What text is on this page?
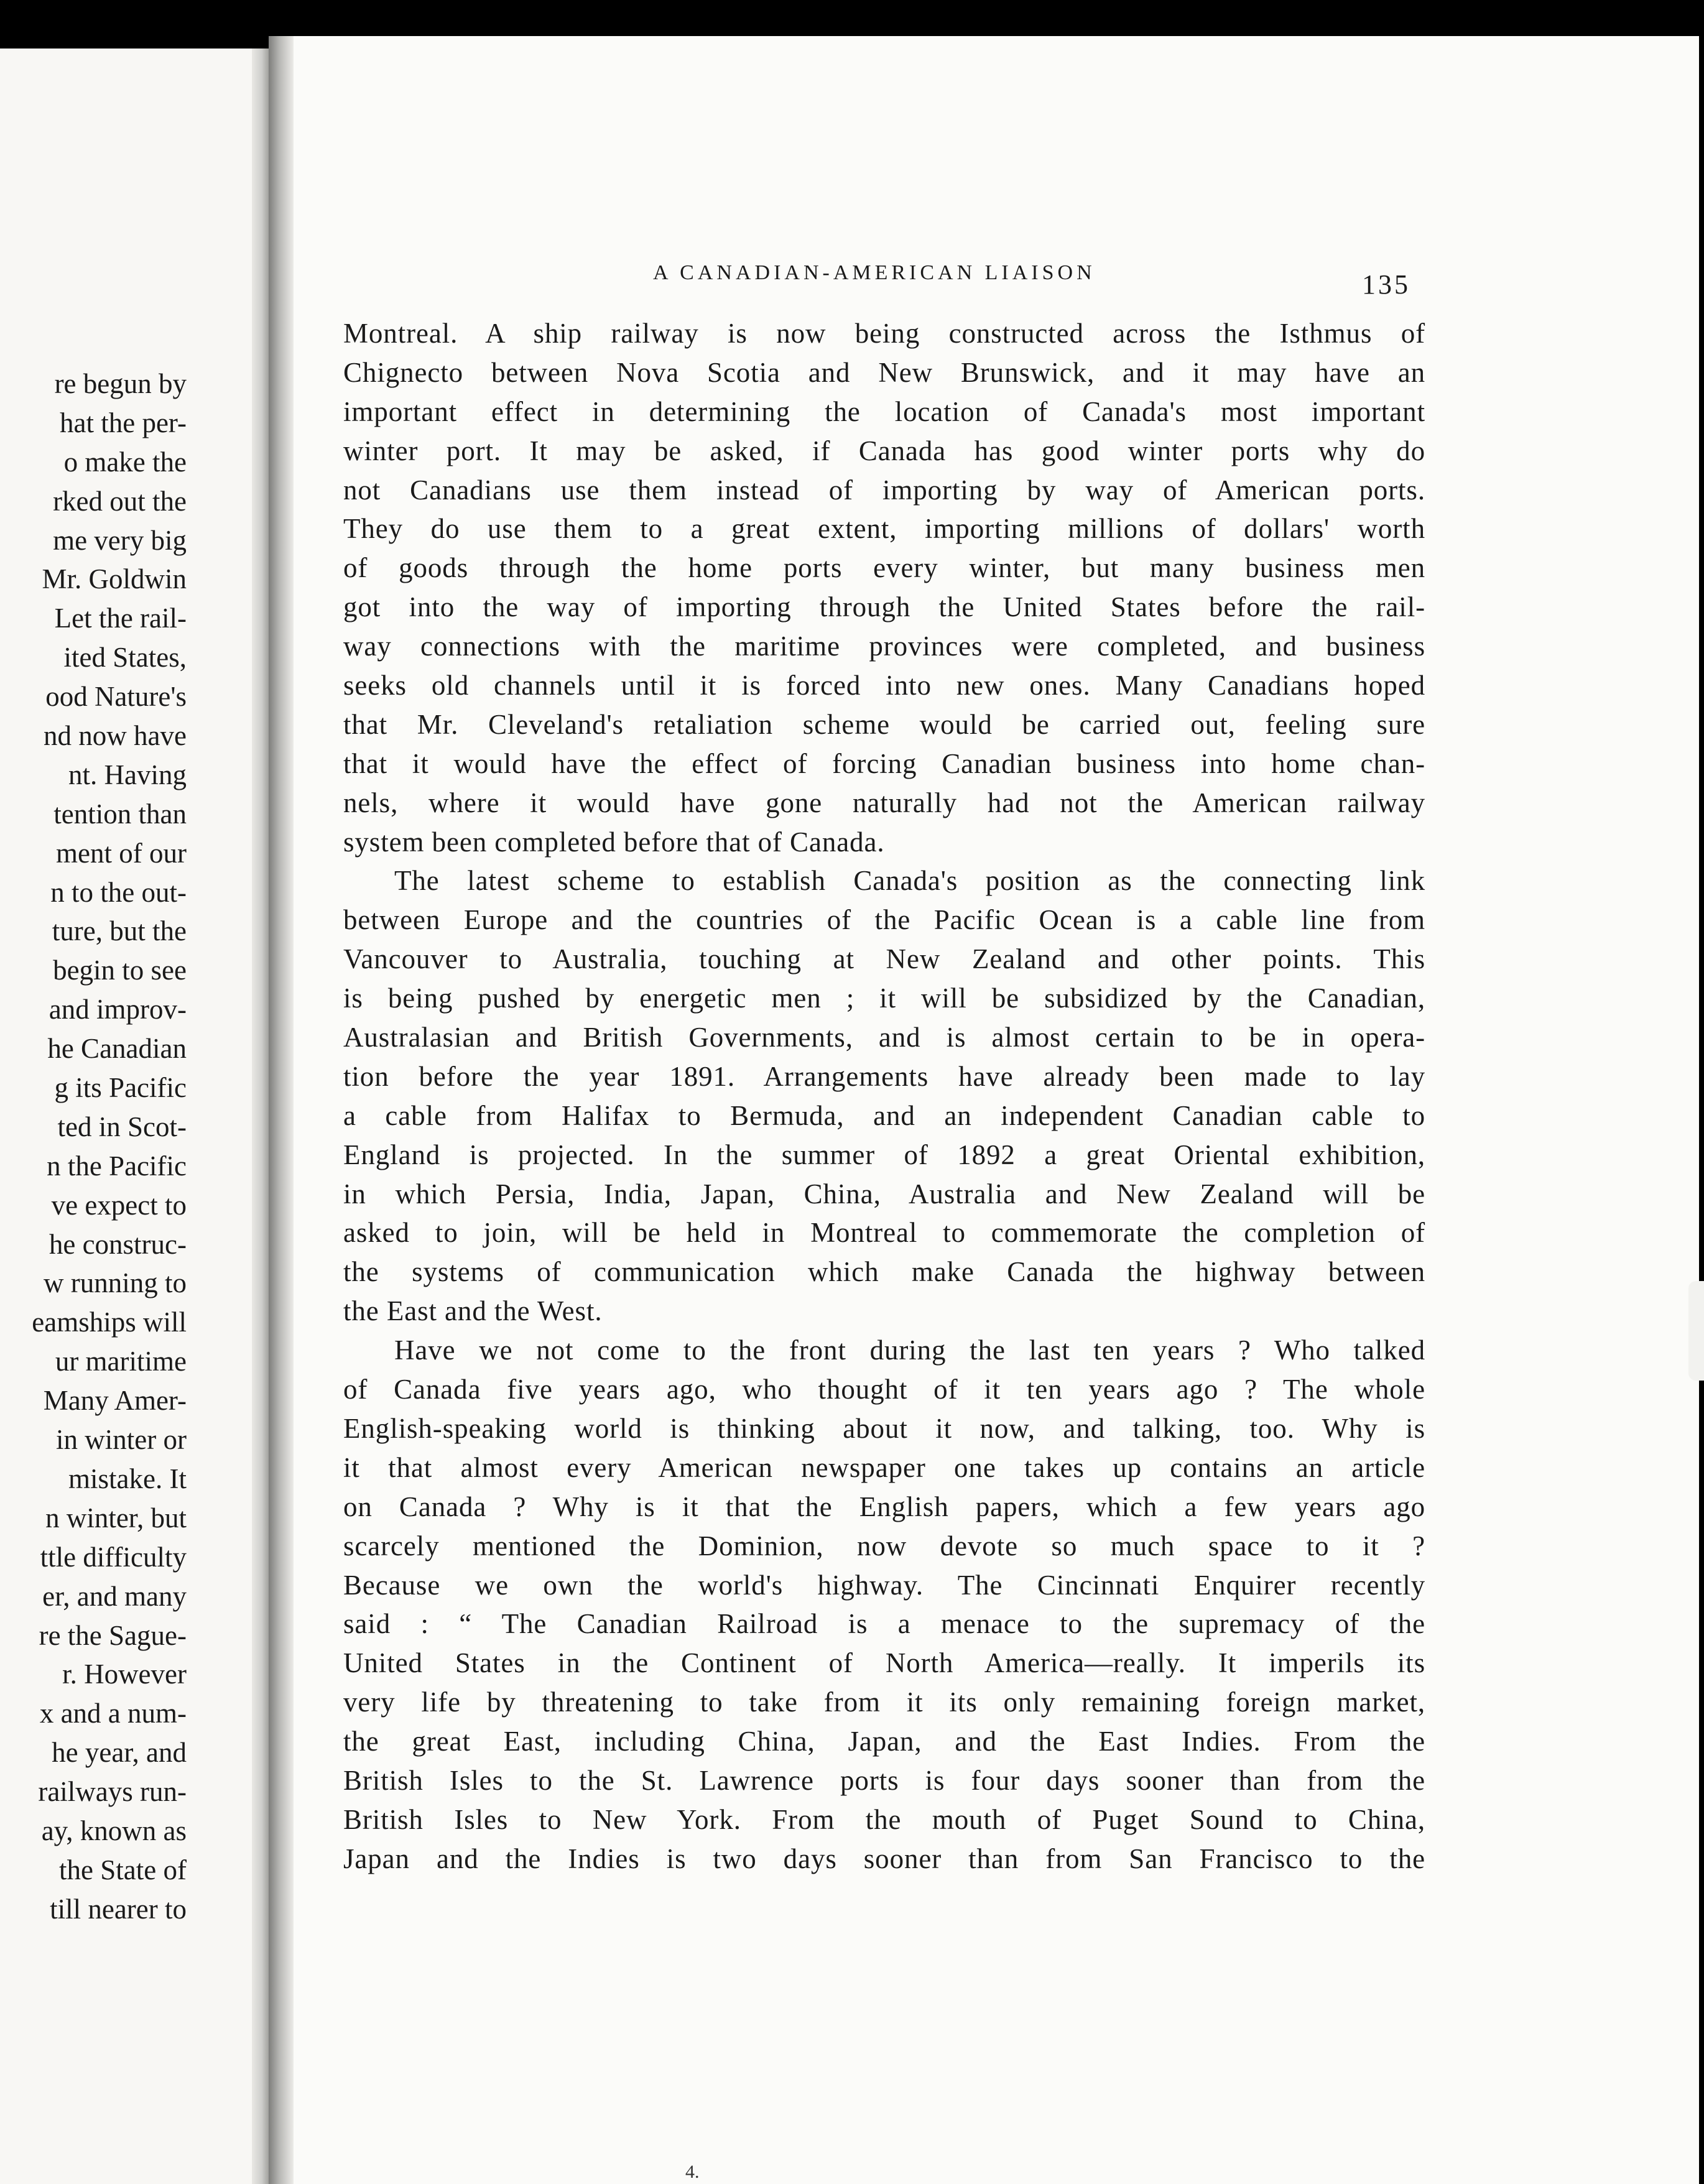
re begun by
hat the per-
o make the
rked out the
me very big
Mr. Goldwin
Let the rail-
ited States,
ood Nature's
nd now have
nt. Having
tention than
ment of our
n to the out-
ture, but the
begin to see
and improv-
he Canadian
g its Pacific
ted in Scot-
n the Pacific
ve expect to
he construc-
w running to
eamships will
ur maritime
Many Amer-
in winter or
mistake. It
n winter, but
ttle difficulty
er, and many
re the Sague-
r. However
x and a num-
he year, and
railways run-
ay, known as
the State of
till nearer to
A CANADIAN-AMERICAN LIAISON	135
Montreal. A ship railway is now being constructed across the Isthmus of
Chignecto between Nova Scotia and New Brunswick, and it may have an
important effect in determining the location of Canada's most important
winter port. It may be asked, if Canada has good winter ports why do
not Canadians use them instead of importing by way of American ports.
They do use them to a great extent, importing millions of dollars' worth
of goods through the home ports every winter, but many business men
got into the way of importing through the United States before the rail-
way connections with the maritime provinces were completed, and business
seeks old channels until it is forced into new ones. Many Canadians hoped
that Mr. Cleveland's retaliation scheme would be carried out, feeling sure
that it would have the effect of forcing Canadian business into home chan-
nels, where it would have gone naturally had not the American railway
system been completed before that of Canada.
The latest scheme to establish Canada's position as the connecting link
between Europe and the countries of the Pacific Ocean is a cable line from
Vancouver to Australia, touching at New Zealand and other points. This
is being pushed by energetic men ; it will be subsidized by the Canadian,
Australasian and British Governments, and is almost certain to be in opera-
tion before the year 1891. Arrangements have already been made to lay
a cable from Halifax to Bermuda, and an independent Canadian cable to
England is projected. In the summer of 1892 a great Oriental exhibition,
in which Persia, India, Japan, China, Australia and New Zealand will be
asked to join, will be held in Montreal to commemorate the completion of
the systems of communication which make Canada the highway between
the East and the West.
Have we not come to the front during the last ten years ? Who talked
of Canada five years ago, who thought of it ten years ago ? The whole
English-speaking world is thinking about it now, and talking, too. Why is
it that almost every American newspaper one takes up contains an article
on Canada ? Why is it that the English papers, which a few years ago
scarcely mentioned the Dominion, now devote so much space to it ?
Because we own the world's highway. The Cincinnati Enquirer recently
said : “ The Canadian Railroad is a menace to the supremacy of the
United States in the Continent of North America—really. It imperils its
very life by threatening to take from it its only remaining foreign market,
the great East, including China, Japan, and the East Indies. From the
British Isles to the St. Lawrence ports is four days sooner than from the
British Isles to New York. From the mouth of Puget Sound to China,
Japan and the Indies is two days sooner than from San Francisco to the
4.
